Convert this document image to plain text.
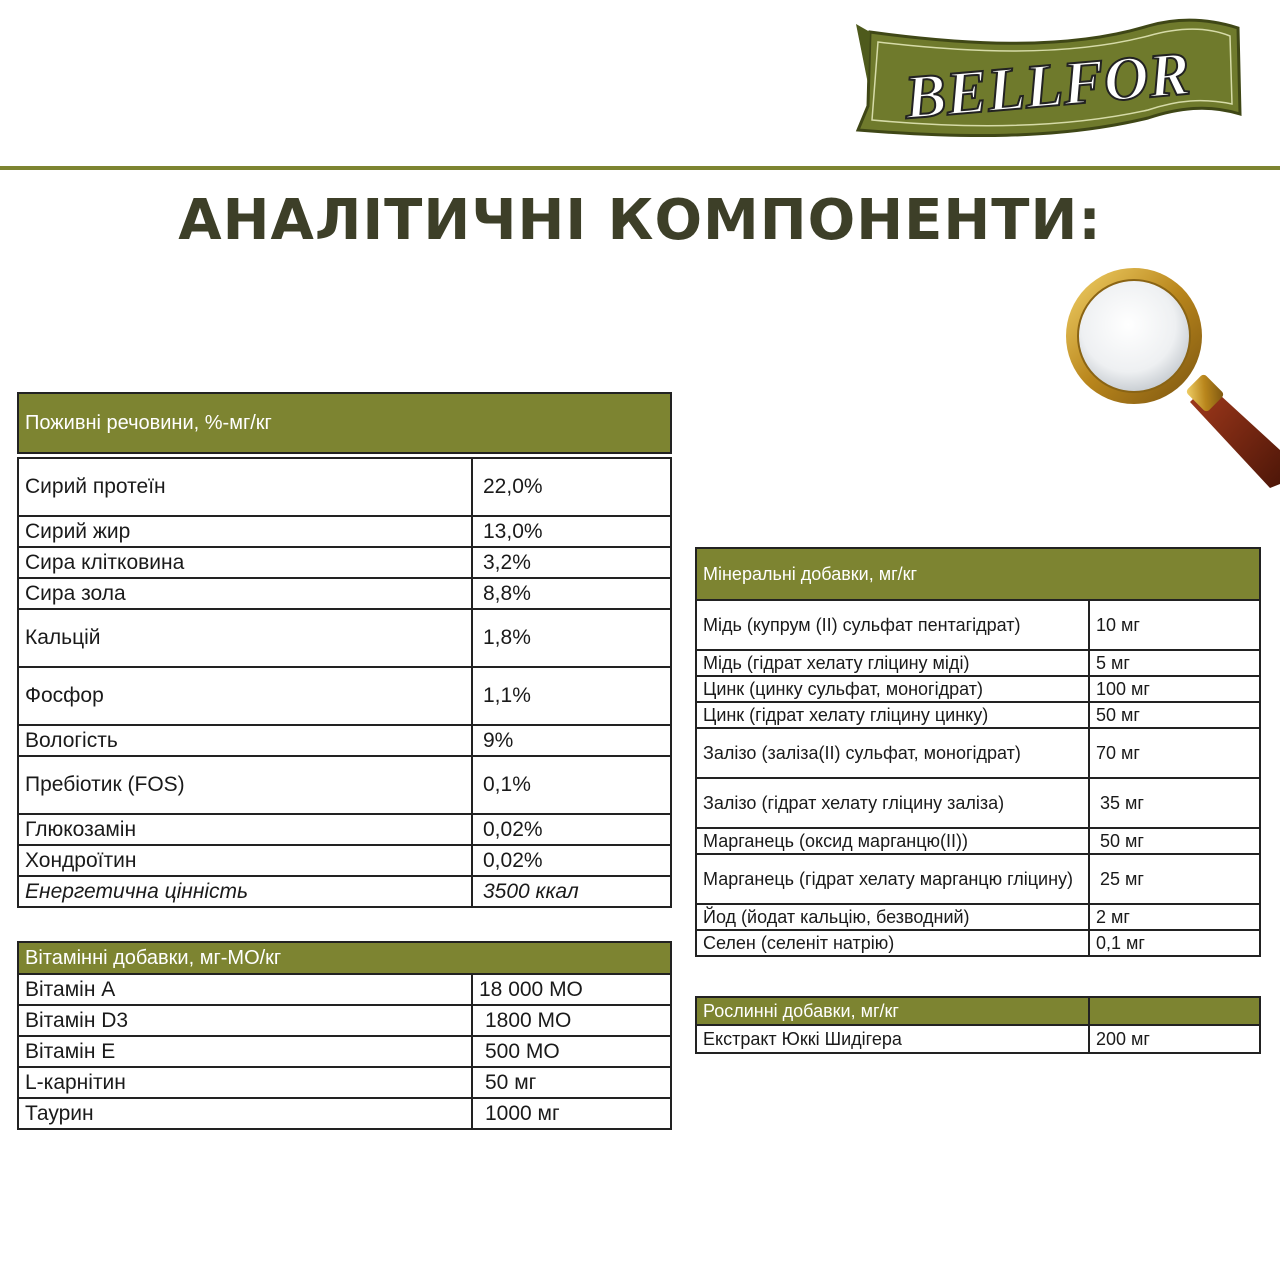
BELLFOR
АНАЛІТИЧНІ КОМПОНЕНТИ:
Поживні речовини, %-мг/кг	

Сирий протеїн	22,0%
Сирий жир	13,0%
Сира клітковина	3,2%
Сира зола	8,8%
Кальцій	1,8%
Фосфор	1,1%
Вологість	9%
Пребіотик (FOS)	0,1%
Глюкозамін	0,02%
Хондроїтин	0,02%
Енергетична цінність	3500 ккал
Вітамінні добавки, мг-МО/кг	
Вітамін А	18 000 МО
Вітамін D3	1800 МО
Вітамін Е	500 МО
L-карнітин	50 мг
Таурин	1000 мг
Мінеральні добавки, мг/кг	
Мідь (купрум (II) сульфат пентагідрат)	10 мг
Мідь (гідрат хелату гліцину міді)	5 мг
Цинк (цинку сульфат, моногідрат)	100 мг
Цинк (гідрат хелату гліцину цинку)	50 мг
Залізо (заліза(II) сульфат, моногідрат)	70 мг
Залізо (гідрат хелату гліцину заліза)	35 мг
Марганець (оксид марганцю(II))	50 мг
Марганець (гідрат хелату марганцю гліцину)	25 мг
Йод (йодат кальцію, безводний)	2 мг
Селен (селеніт натрію)	0,1 мг
Рослинні добавки, мг/кг	
Екстракт Юккі Шидігера	200 мг
